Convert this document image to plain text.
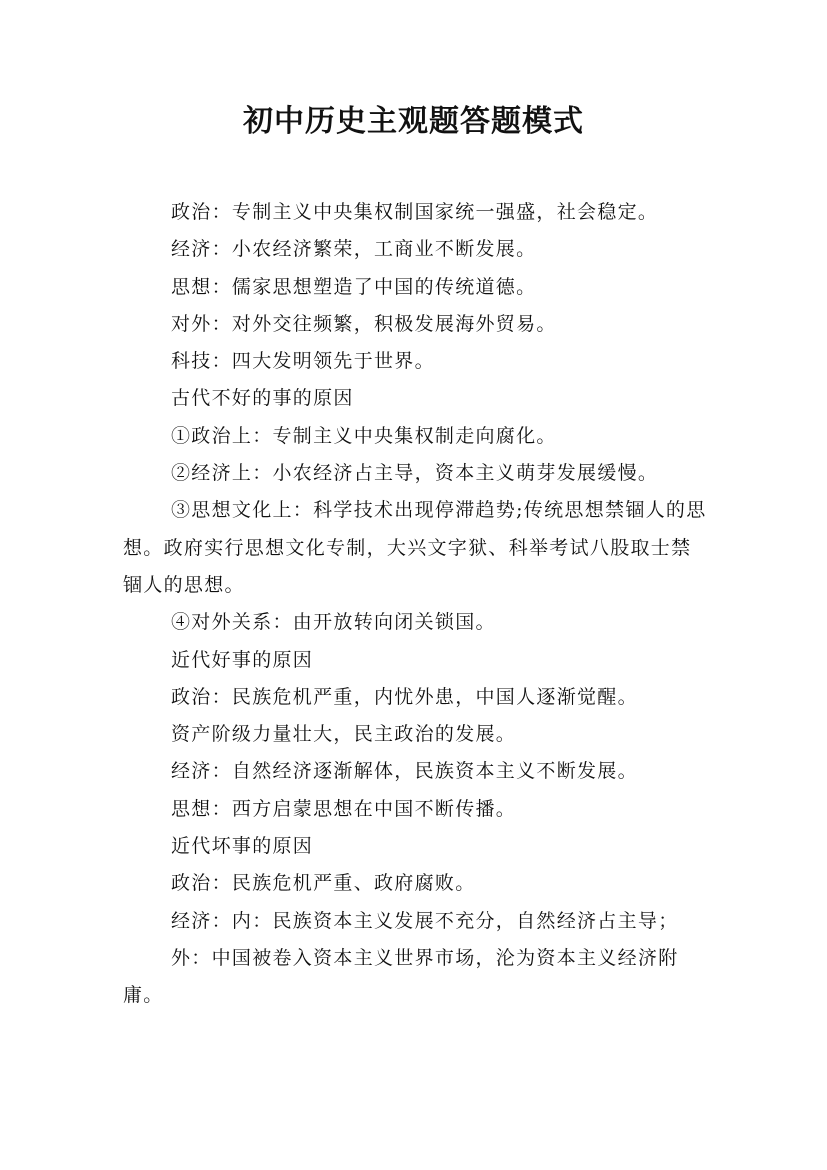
初中历史主观题答题模式

政治：专制主义中央集权制国家统一强盛，社会稳定。

经济：小农经济繁荣，工商业不断发展。

思想：儒家思想塑造了中国的传统道德。

对外：对外交往频繁，积极发展海外贸易。

科技：四大发明领先于世界。

古代不好的事的原因

①政治上：专制主义中央集权制走向腐化。

②经济上：小农经济占主导，资本主义萌芽发展缓慢。

③思想文化上：科学技术出现停滞趋势;传统思想禁锢人的思想。政府实行思想文化专制，大兴文字狱、科举考试八股取士禁锢人的思想。

④对外关系：由开放转向闭关锁国。

近代好事的原因

政治：民族危机严重，内忧外患，中国人逐渐觉醒。

资产阶级力量壮大，民主政治的发展。

经济：自然经济逐渐解体，民族资本主义不断发展。

思想：西方启蒙思想在中国不断传播。

近代坏事的原因

政治：民族危机严重、政府腐败。

经济：内：民族资本主义发展不充分，自然经济占主导；

外：中国被卷入资本主义世界市场，沦为资本主义经济附庸。
